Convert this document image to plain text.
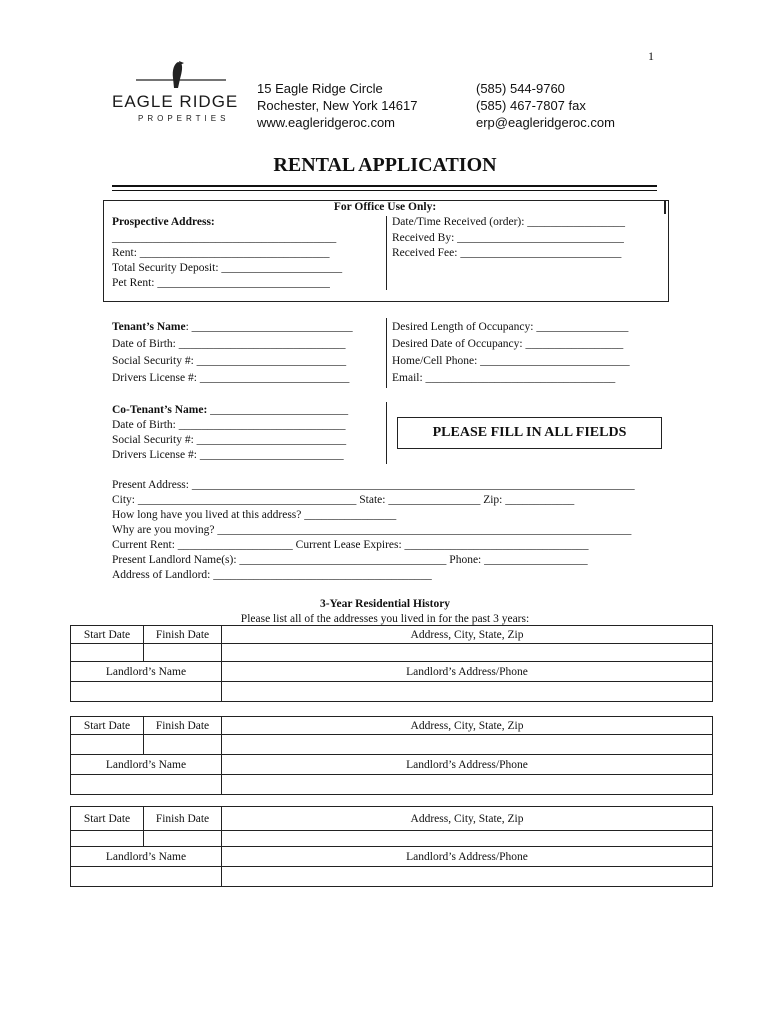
1
EAGLE RIDGE
PROPERTIES
15 Eagle Ridge Circle
Rochester, New York 14617
www.eagleridgeroc.com
(585) 544-9760
(585) 467-7807 fax
erp@eagleridgeroc.com
RENTAL APPLICATION
For Office Use Only:
Prospective Address:
_______________________________________
Rent: _________________________________
Total Security Deposit: _____________________
Pet Rent: ______________________________
Date/Time Received (order): _________________
Received By: _____________________________
Received Fee: ____________________________
Tenant’s Name: ____________________________
Date of Birth: _____________________________
Social Security #: __________________________
Drivers License #: __________________________
Desired Length of Occupancy: ________________
Desired Date of Occupancy: _________________
Home/Cell Phone: __________________________
Email: _________________________________
Co-Tenant’s Name: ________________________
Date of Birth: _____________________________
Social Security #: __________________________
Drivers License #: _________________________
PLEASE FILL IN ALL FIELDS
Present Address: _____________________________________________________________________________
City: ______________________________________ State: ________________ Zip: ____________
How long have you lived at this address? ________________
Why are you moving? ________________________________________________________________________
Current Rent: ____________________ Current Lease Expires: ________________________________
Present Landlord Name(s): ____________________________________ Phone: __________________
Address of Landlord: ______________________________________
3-Year Residential History
Please list all of the addresses you lived in for the past 3 years:
Start Date	Finish Date	Address, City, State, Zip

Landlord’s Name		Landlord’s Address/Phone

Start Date	Finish Date	Address, City, State, Zip

Landlord’s Name		Landlord’s Address/Phone

Start Date	Finish Date	Address, City, State, Zip

Landlord’s Name		Landlord’s Address/Phone
